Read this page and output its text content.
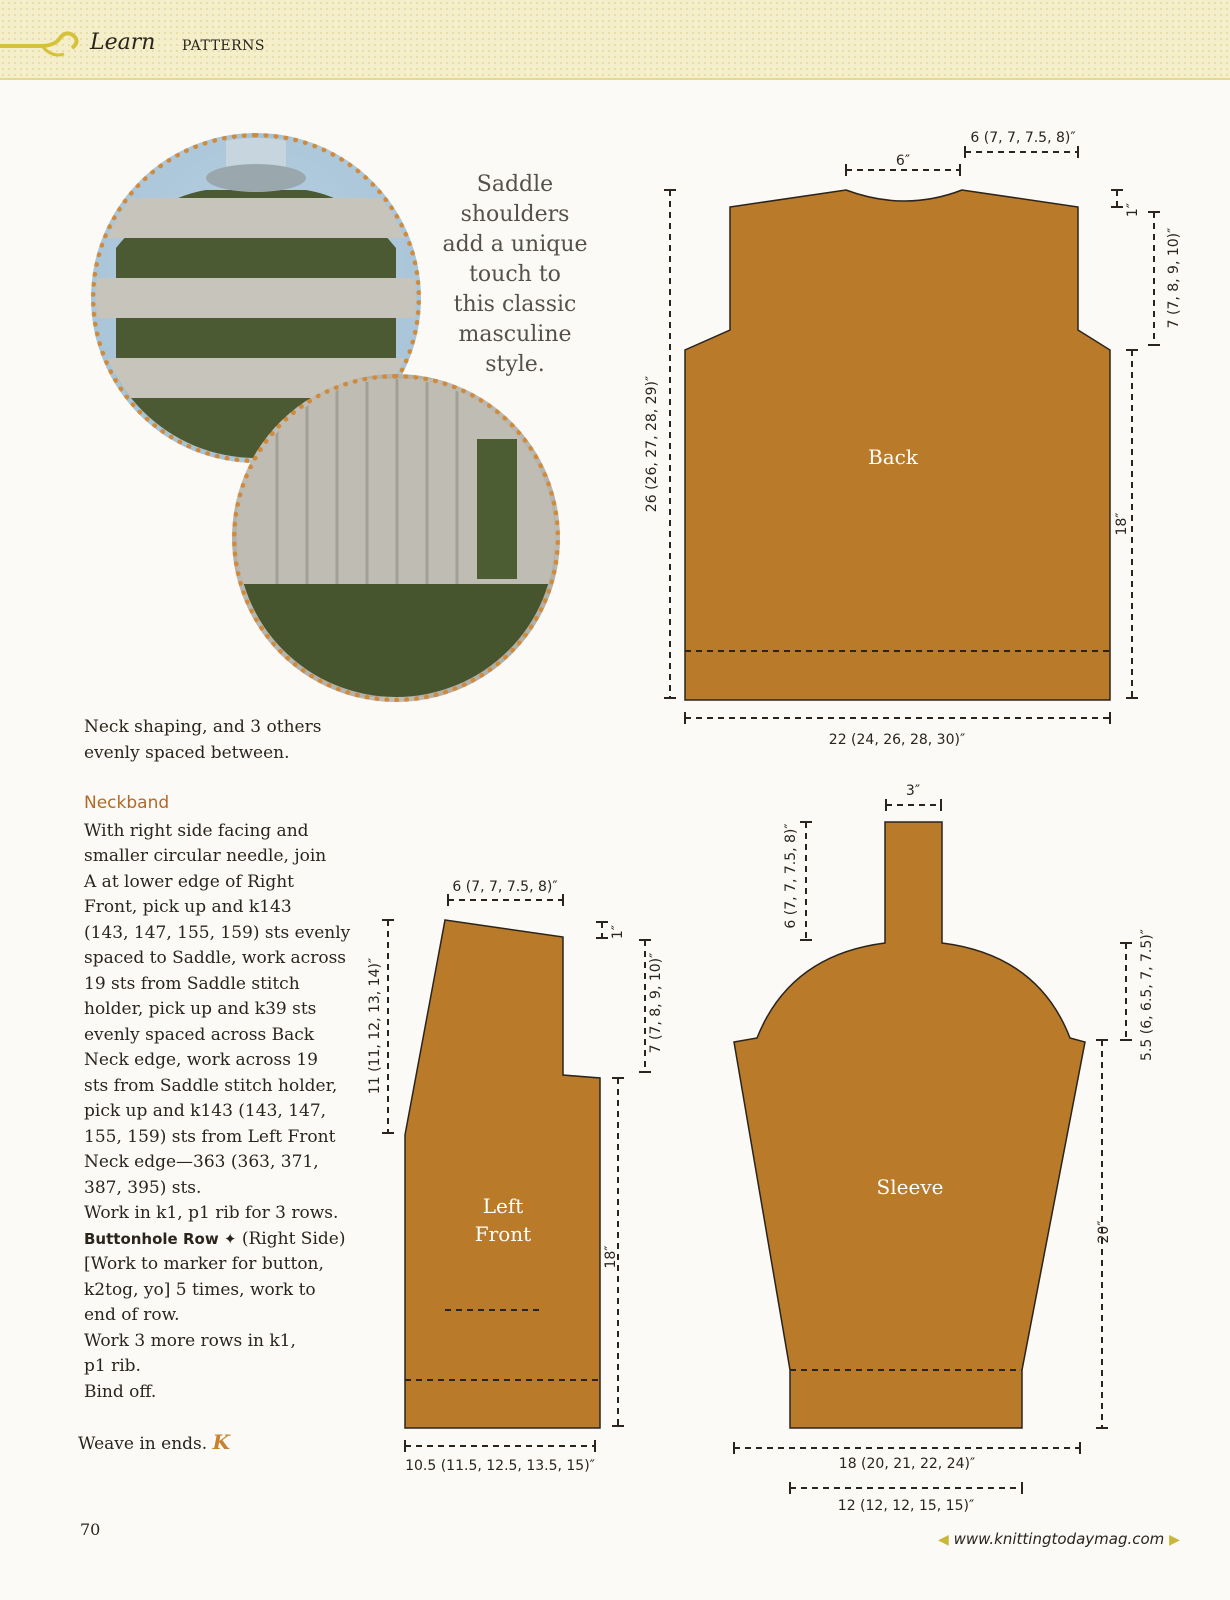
Learn PATTERNS
Saddle
shoulders
add a unique
touch to
this classic
masculine
style.

Neck shaping, and 3 others

evenly spaced between.

Neckband

With right side facing and

smaller circular needle, join

A at lower edge of Right

Front, pick up and k143

(143, 147, 155, 159) sts evenly

spaced to Saddle, work across

19 sts from Saddle stitch

holder, pick up and k39 sts

evenly spaced across Back

Neck edge, work across 19

sts from Saddle stitch holder,

pick up and k143 (143, 147,

155, 159) sts from Left Front

Neck edge—363 (363, 371,

387, 395) sts.

Work in k1, p1 rib for 3 rows.

Buttonhole Row ✦ (Right Side)

[Work to marker for button,

k2tog, yo] 5 times, work to

end of row.

Work 3 more rows in k1,

p1 rib.

Bind off.

Weave in ends. K
Back
6″
6 (7, 7, 7.5, 8)″
1″
7 (7, 8, 9, 10)″
26 (26, 27, 28, 29)″
18″
22 (24, 26, 28, 30)″
Left
Front
6 (7, 7, 7.5, 8)″
1″
7 (7, 8, 9, 10)″
11 (11, 12, 13, 14)″
18″
10.5 (11.5, 12.5, 13.5, 15)″
Sleeve
3″
6 (7, 7, 7.5, 8)″
5.5 (6, 6.5, 7, 7.5)″
20″
18 (20, 21, 22, 24)″
12 (12, 12, 15, 15)″
70
◀ www.knittingtodaymag.com ▶
